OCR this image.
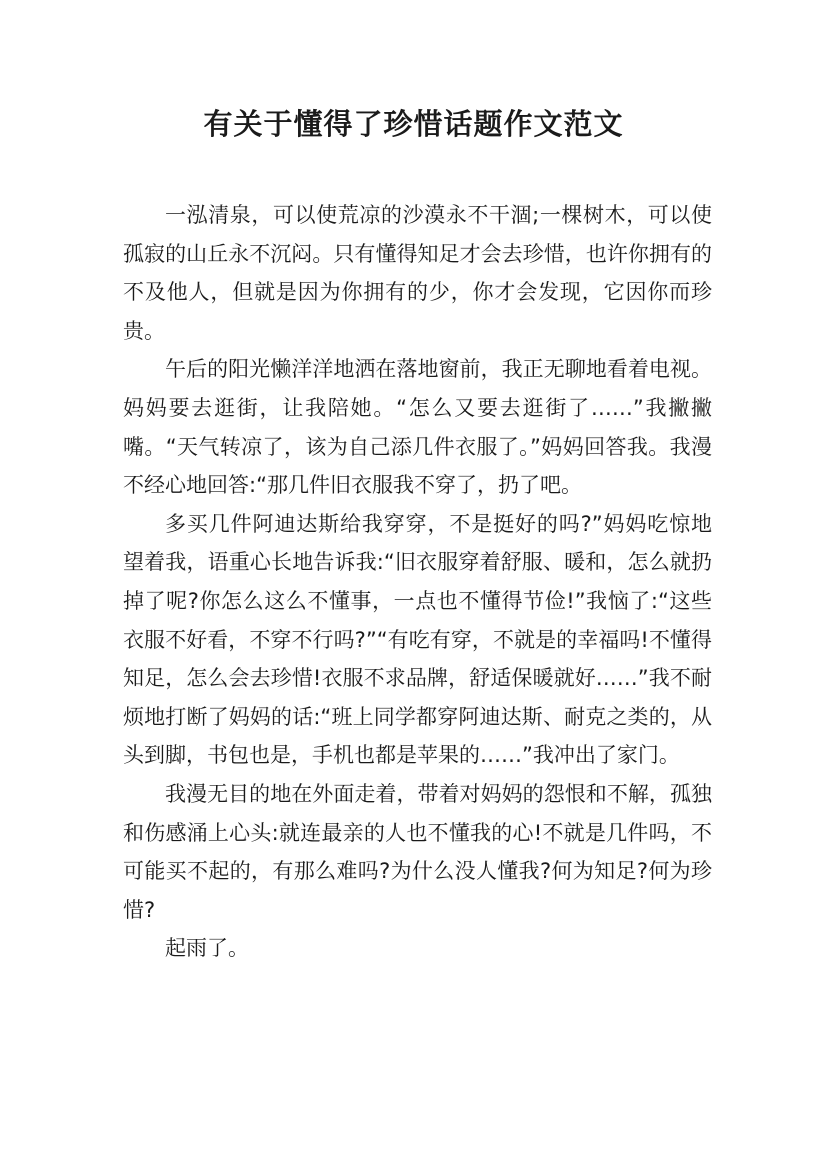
有关于懂得了珍惜话题作文范文

一泓清泉，可以使荒凉的沙漠永不干涸;一棵树木，可以使孤寂的山丘永不沉闷。只有懂得知足才会去珍惜，也许你拥有的不及他人，但就是因为你拥有的少，你才会发现，它因你而珍贵。

午后的阳光懒洋洋地洒在落地窗前，我正无聊地看着电视。妈妈要去逛街，让我陪她。“怎么又要去逛街了……”我撇撇嘴。“天气转凉了，该为自己添几件衣服了。”妈妈回答我。我漫不经心地回答:“那几件旧衣服我不穿了，扔了吧。

多买几件阿迪达斯给我穿穿，不是挺好的吗?”妈妈吃惊地望着我，语重心长地告诉我:“旧衣服穿着舒服、暖和，怎么就扔掉了呢?你怎么这么不懂事，一点也不懂得节俭!”我恼了:“这些衣服不好看，不穿不行吗?”“有吃有穿，不就是的幸福吗!不懂得知足，怎么会去珍惜!衣服不求品牌，舒适保暖就好……”我不耐烦地打断了妈妈的话:“班上同学都穿阿迪达斯、耐克之类的，从头到脚，书包也是，手机也都是苹果的……”我冲出了家门。

我漫无目的地在外面走着，带着对妈妈的怨恨和不解，孤独和伤感涌上心头:就连最亲的人也不懂我的心!不就是几件吗，不可能买不起的，有那么难吗?为什么没人懂我?何为知足?何为珍惜?

起雨了。
